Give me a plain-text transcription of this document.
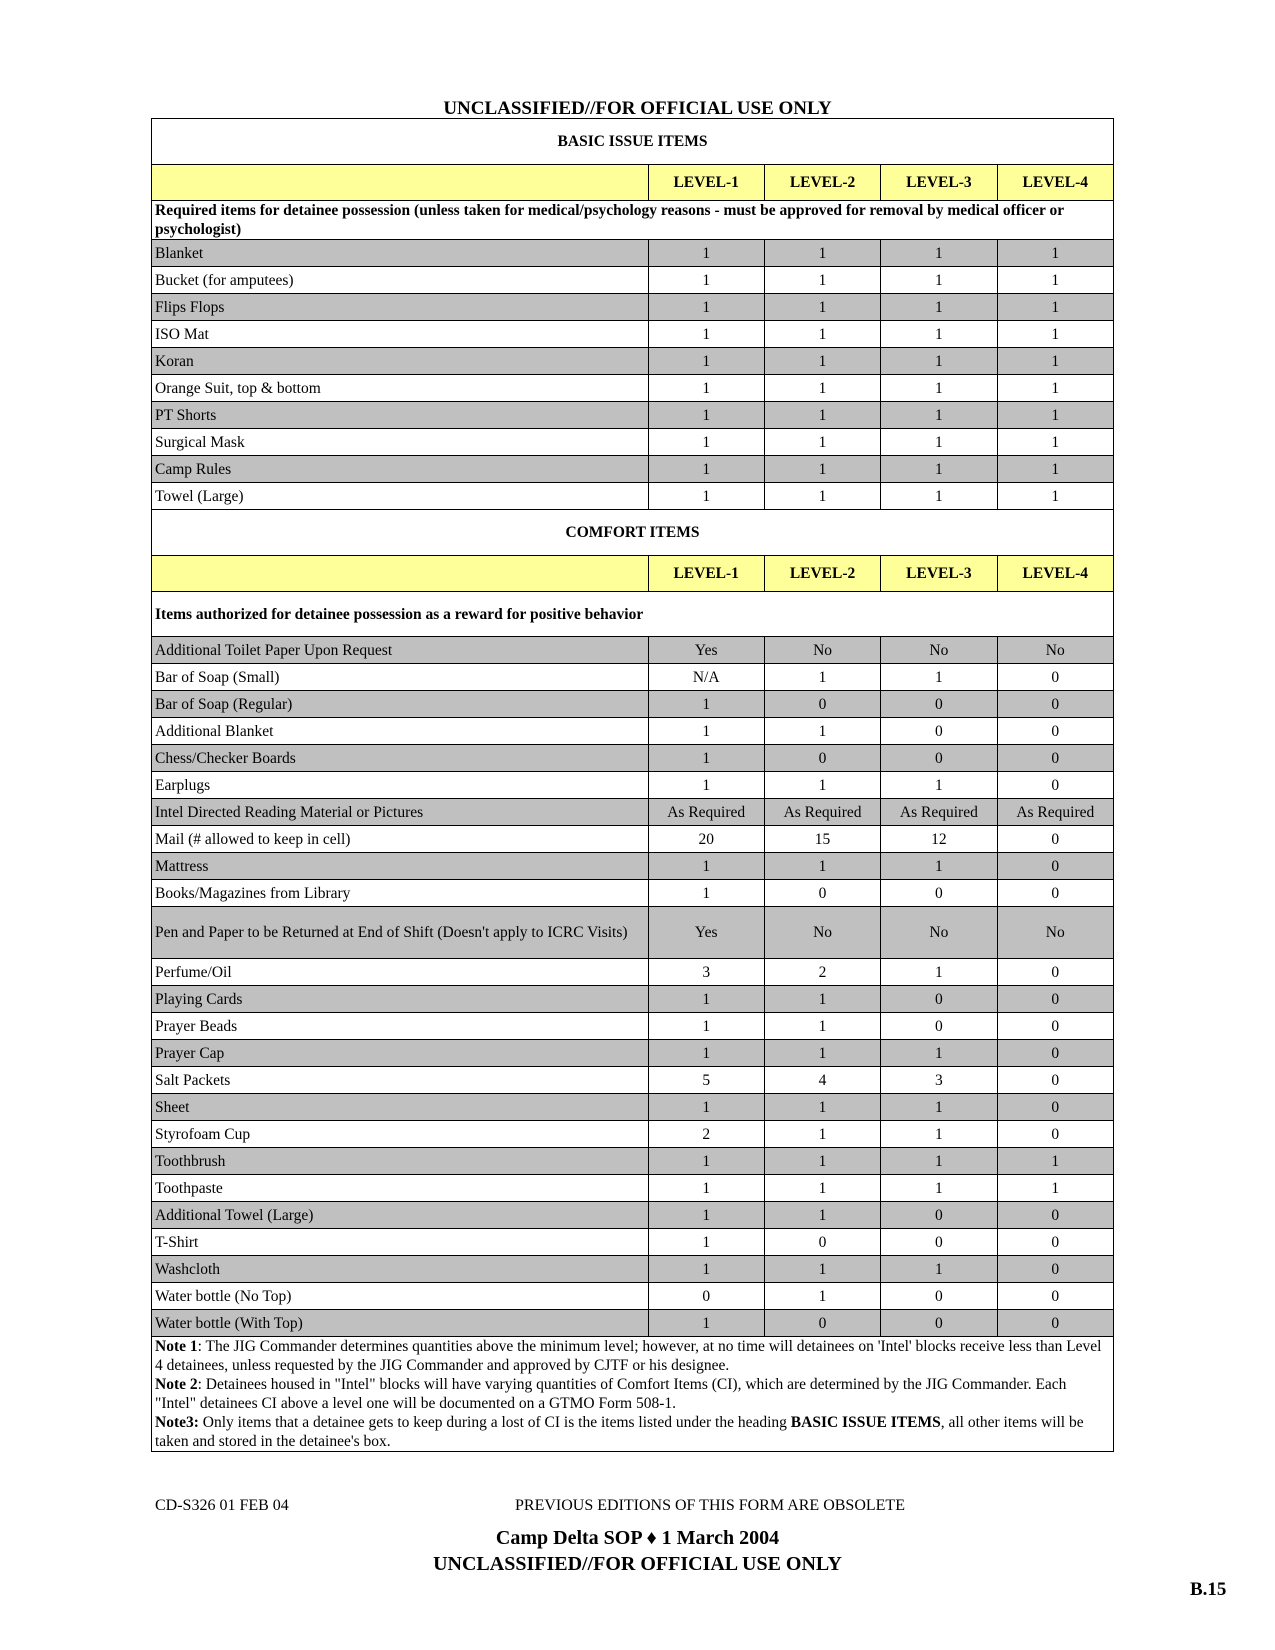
UNCLASSIFIED//FOR OFFICIAL USE ONLY
BASIC ISSUE ITEMS				
	LEVEL-1	LEVEL-2	LEVEL-3	LEVEL-4
Required items for detainee possession (unless taken for medical/psychology reasons - must be approved for removal by medical officer or psychologist)				
Blanket	1	1	1	1
Bucket (for amputees)	1	1	1	1
Flips Flops	1	1	1	1
ISO Mat	1	1	1	1
Koran	1	1	1	1
Orange Suit, top & bottom	1	1	1	1
PT Shorts	1	1	1	1
Surgical Mask	1	1	1	1
Camp Rules	1	1	1	1
Towel (Large)	1	1	1	1
COMFORT ITEMS				
	LEVEL-1	LEVEL-2	LEVEL-3	LEVEL-4
Items authorized for detainee possession as a reward for positive behavior				
Additional Toilet Paper Upon Request	Yes	No	No	No
Bar of Soap (Small)	N/A	1	1	0
Bar of Soap (Regular)	1	0	0	0
Additional Blanket	1	1	0	0
Chess/Checker Boards	1	0	0	0
Earplugs	1	1	1	0
Intel Directed Reading Material or Pictures	As Required	As Required	As Required	As Required
Mail (# allowed to keep in cell)	20	15	12	0
Mattress	1	1	1	0
Books/Magazines from Library	1	0	0	0
Pen and Paper to be Returned at End of Shift (Doesn't apply to ICRC Visits)	Yes	No	No	No
Perfume/Oil	3	2	1	0
Playing Cards	1	1	0	0
Prayer Beads	1	1	0	0
Prayer Cap	1	1	1	0
Salt Packets	5	4	3	0
Sheet	1	1	1	0
Styrofoam Cup	2	1	1	0
Toothbrush	1	1	1	1
Toothpaste	1	1	1	1
Additional Towel (Large)	1	1	0	0
T-Shirt	1	0	0	0
Washcloth	1	1	1	0
Water bottle (No Top)	0	1	0	0
Water bottle (With Top)	1	0	0	0
Note 1: The JIG Commander determines quantities above the minimum level; however, at no time will detainees on 'Intel' blocks receive less than Level 4 detainees, unless requested by the JIG Commander and approved by CJTF or his designee.
Note 2: Detainees housed in "Intel" blocks will have varying quantities of Comfort Items (CI), which are determined by the JIG Commander. Each "Intel" detainees CI above a level one will be documented on a GTMO Form 508-1.
Note3: Only items that a detainee gets to keep during a lost of CI is the items listed under the heading BASIC ISSUE ITEMS, all other items will be taken and stored in the detainee's box.				
CD-S326 01 FEB 04	PREVIOUS EDITIONS OF THIS FORM ARE OBSOLETE
Camp Delta SOP ♦ 1 March 2004
UNCLASSIFIED//FOR OFFICIAL USE ONLY
B.15
